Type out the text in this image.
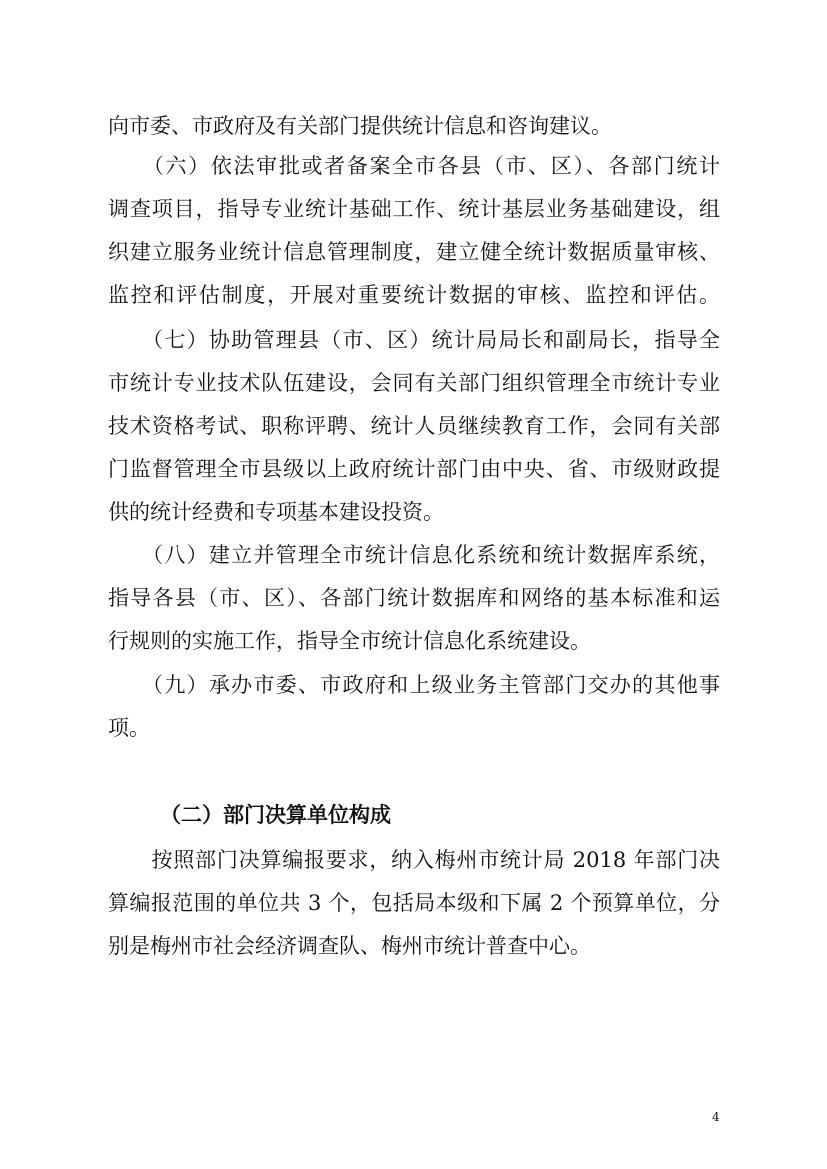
向市委、市政府及有关部门提供统计信息和咨询建议。
　　（六）依法审批或者备案全市各县（市、区）、各部门统计
调查项目，指导专业统计基础工作、统计基层业务基础建设，组
织建立服务业统计信息管理制度，建立健全统计数据质量审核、
监控和评估制度，开展对重要统计数据的审核、监控和评估。
　　（七）协助管理县（市、区）统计局局长和副局长，指导全
市统计专业技术队伍建设，会同有关部门组织管理全市统计专业
技术资格考试、职称评聘、统计人员继续教育工作，会同有关部
门监督管理全市县级以上政府统计部门由中央、省、市级财政提
供的统计经费和专项基本建设投资。
　　（八）建立并管理全市统计信息化系统和统计数据库系统，
指导各县（市、区）、各部门统计数据库和网络的基本标准和运
行规则的实施工作，指导全市统计信息化系统建设。
　　（九）承办市委、市政府和上级业务主管部门交办的其他事
项。
（二）部门决算单位构成
　　按照部门决算编报要求，纳入梅州市统计局 2018 年部门决
算编报范围的单位共 3 个，包括局本级和下属 2 个预算单位，分
别是梅州市社会经济调查队、梅州市统计普查中心。
4
